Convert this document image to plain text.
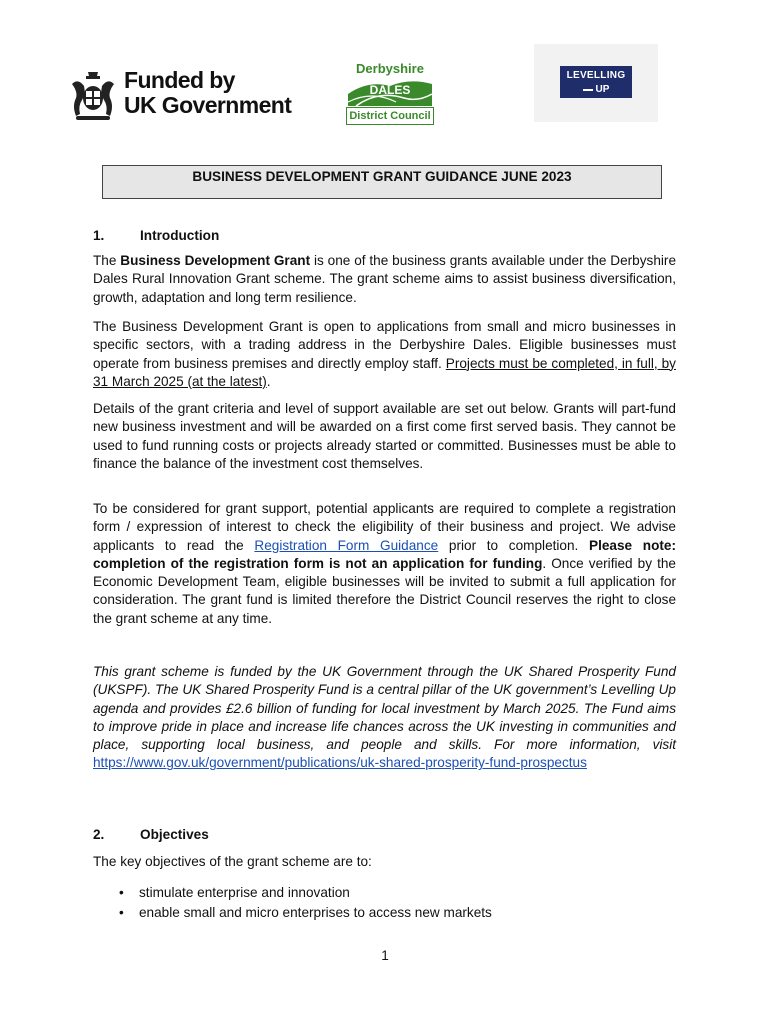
Funded by
UK Government
Derbyshire
DALES
District Council
LEVELLING
UP
BUSINESS DEVELOPMENT GRANT GUIDANCE JUNE 2023
1.	Introduction

The Business Development Grant is one of the business grants available under the Derbyshire Dales Rural Innovation Grant scheme. The grant scheme aims to assist business diversification, growth, adaptation and long term resilience.

The Business Development Grant is open to applications from small and micro businesses in specific sectors, with a trading address in the Derbyshire Dales. Eligible businesses must operate from business premises and directly employ staff. Projects must be completed, in full, by 31 March 2025 (at the latest).

Details of the grant criteria and level of support available are set out below. Grants will part-fund new business investment and will be awarded on a first come first served basis. They cannot be used to fund running costs or projects already started or committed. Businesses must be able to finance the balance of the investment cost themselves.

To be considered for grant support, potential applicants are required to complete a registration form / expression of interest to check the eligibility of their business and project. We advise applicants to read the Registration Form Guidance prior to completion. Please note: completion of the registration form is not an application for funding. Once verified by the Economic Development Team, eligible businesses will be invited to submit a full application for consideration. The grant fund is limited therefore the District Council reserves the right to close the grant scheme at any time.

This grant scheme is funded by the UK Government through the UK Shared Prosperity Fund (UKSPF). The UK Shared Prosperity Fund is a central pillar of the UK government’s Levelling Up agenda and provides £2.6 billion of funding for local investment by March 2025. The Fund aims to improve pride in place and increase life chances across the UK investing in communities and place, supporting local business, and people and skills. For more information, visit https://www.gov.uk/government/publications/uk-shared-prosperity-fund-prospectus

2.	Objectives

The key objectives of the grant scheme are to:

• stimulate enterprise and innovation
• enable small and micro enterprises to access new markets
1
